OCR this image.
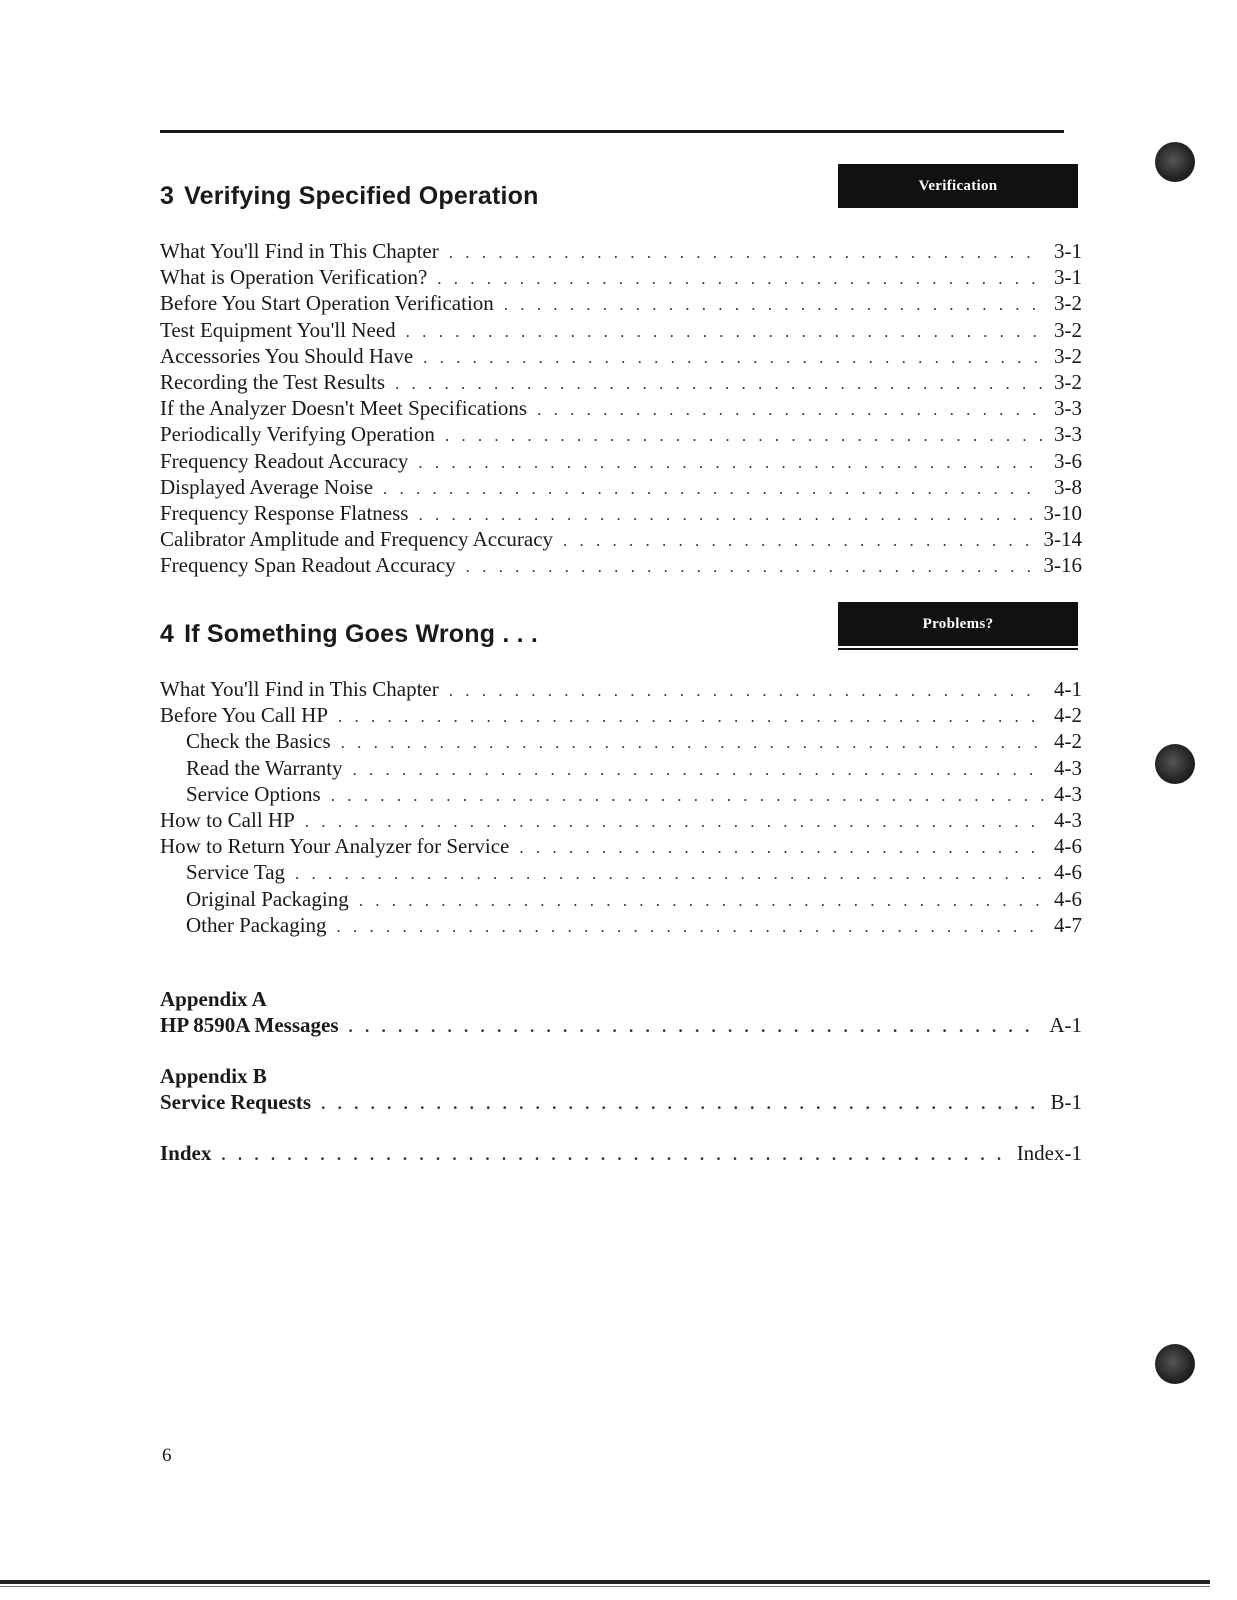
3 Verifying Specified Operation	Verification
What You'll Find in This Chapter . . .	3-1
What is Operation Verification? . . .	3-1
Before You Start Operation Verification . . .	3-2
Test Equipment You'll Need . . .	3-2
Accessories You Should Have . . .	3-2
Recording the Test Results . . .	3-2
If the Analyzer Doesn't Meet Specifications . . .	3-3
Periodically Verifying Operation . . .	3-3
Frequency Readout Accuracy . . .	3-6
Displayed Average Noise . . .	3-8
Frequency Response Flatness . . .	3-10
Calibrator Amplitude and Frequency Accuracy . . .	3-14
Frequency Span Readout Accuracy . . .	3-16
4 If Something Goes Wrong . . .	Problems?
What You'll Find in This Chapter . . .	4-1
Before You Call HP . . .	4-2
Check the Basics . . .	4-2
Read the Warranty . . .	4-3
Service Options . . .	4-3
How to Call HP . . .	4-3
How to Return Your Analyzer for Service . . .	4-6
Service Tag . . .	4-6
Original Packaging . . .	4-6
Other Packaging . . .	4-7
Appendix A
HP 8590A Messages . . .	A-1
Appendix B
Service Requests . . .	B-1
Index . . .	Index-1
6
